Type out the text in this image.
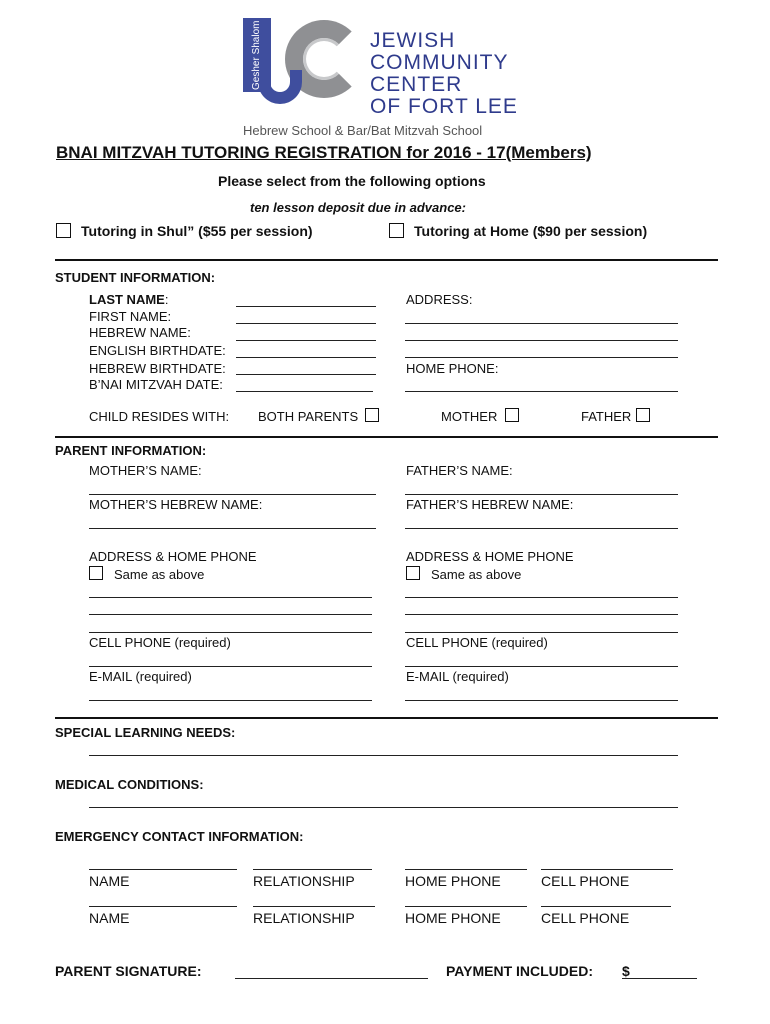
Gesher Shalom	JEWISH
COMMUNITY
CENTER
OF FORT LEE
Hebrew School & Bar/Bat Mitzvah School
BNAI MITZVAH TUTORING REGISTRATION for 2016 - 17(Members)
Please select from the following options
ten lesson deposit due in advance:
Tutoring in Shul” ($55 per session)	Tutoring at Home ($90 per session)
STUDENT INFORMATION:
LAST NAME:
FIRST NAME:
HEBREW NAME:
ENGLISH BIRTHDATE:
HEBREW BIRTHDATE:
B’NAI MITZVAH DATE:
ADDRESS:
HOME PHONE:
CHILD RESIDES WITH: BOTH PARENTS	MOTHER	FATHER
PARENT INFORMATION:
MOTHER’S NAME:	FATHER’S NAME:
MOTHER’S HEBREW NAME:	FATHER’S HEBREW NAME:
ADDRESS & HOME PHONE	ADDRESS & HOME PHONE
Same as above	Same as above
CELL PHONE (required)	CELL PHONE (required)
E-MAIL (required)	E-MAIL (required)
SPECIAL LEARNING NEEDS:
MEDICAL CONDITIONS:
EMERGENCY CONTACT INFORMATION:
NAME	RELATIONSHIP	HOME PHONE	CELL PHONE
NAME	RELATIONSHIP	HOME PHONE	CELL PHONE
PARENT SIGNATURE:	PAYMENT INCLUDED: $
